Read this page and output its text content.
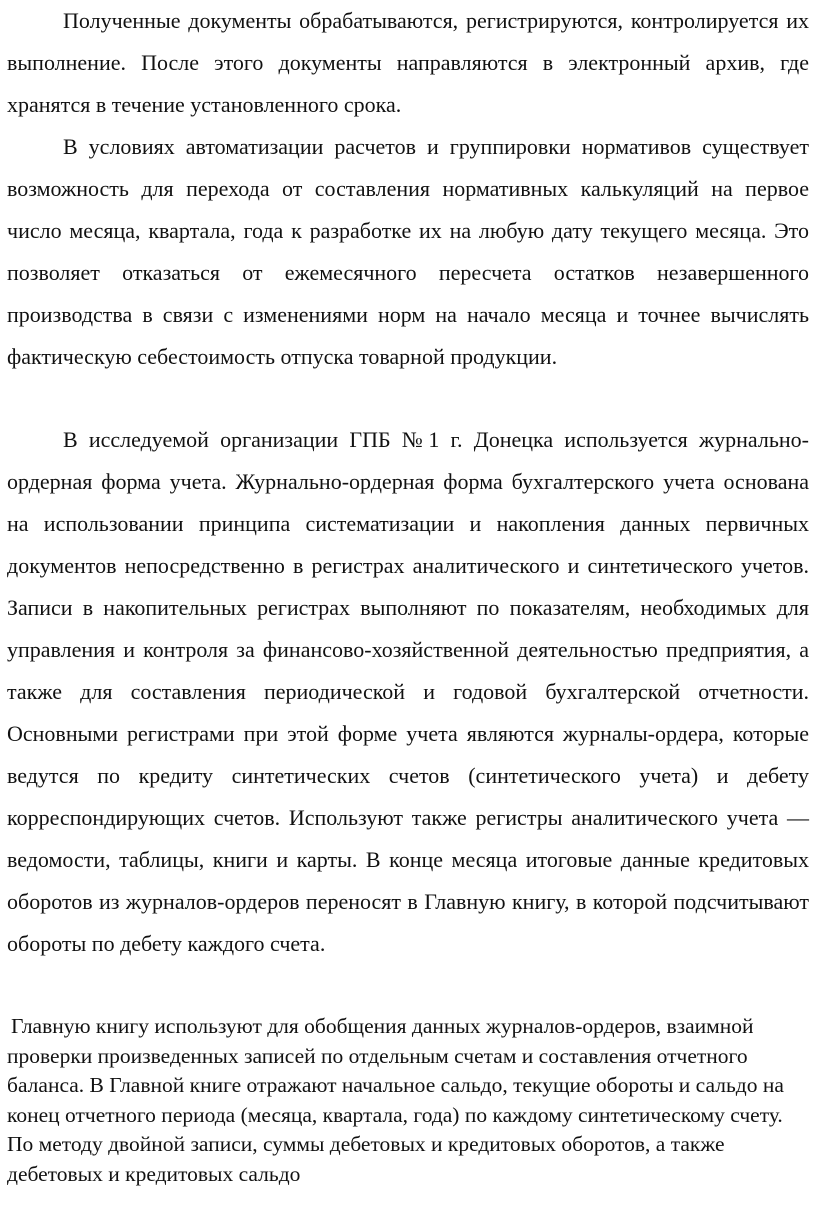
Полученные документы обрабатываются, регистрируются, контролируется их выполнение. После этого документы направляются в электронный архив, где хранятся в течение установленного срока.

В условиях автоматизации расчетов и группировки нормативов существует возможность для перехода от составления нормативных калькуляций на первое число месяца, квартала, года к разработке их на любую дату текущего месяца. Это позволяет отказаться от ежемесячного пересчета остатков незавершенного производства в связи с изменениями норм на начало месяца и точнее вычислять фактическую себестоимость отпуска товарной продукции.

В исследуемой организации ГПБ №1 г. Донецка используется журнально-ордерная форма учета. Журнально-ордерная форма бухгалтерского учета основана на использовании принципа систематизации и накопления данных первичных документов непосредственно в регистрах аналитического и синтетического учетов. Записи в накопительных регистрах выполняют по показателям, необходимых для управления и контроля за финансово-хозяйственной деятельностью предприятия, а также для составления периодической и годовой бухгалтерской отчетности. Основными регистрами при этой форме учета являются журналы-ордера, которые ведутся по кредиту синтетических счетов (синтетического учета) и дебету корреспондирующих счетов. Используют также регистры аналитического учета — ведомости, таблицы, книги и карты. В конце месяца итоговые данные кредитовых оборотов из журналов-ордеров переносят в Главную книгу, в которой подсчитывают обороты по дебету каждого счета.

Главную книгу используют для обобщения данных журналов-ордеров, взаимной проверки произведенных записей по отдельным счетам и составления отчетного баланса. В Главной книге отражают начальное сальдо, текущие обороты и сальдо на конец отчетного периода (месяца, квартала, года) по каждому синтетическому счету. По методу двойной записи, суммы дебетовых и кредитовых оборотов, а также дебетовых и кредитовых сальдо
